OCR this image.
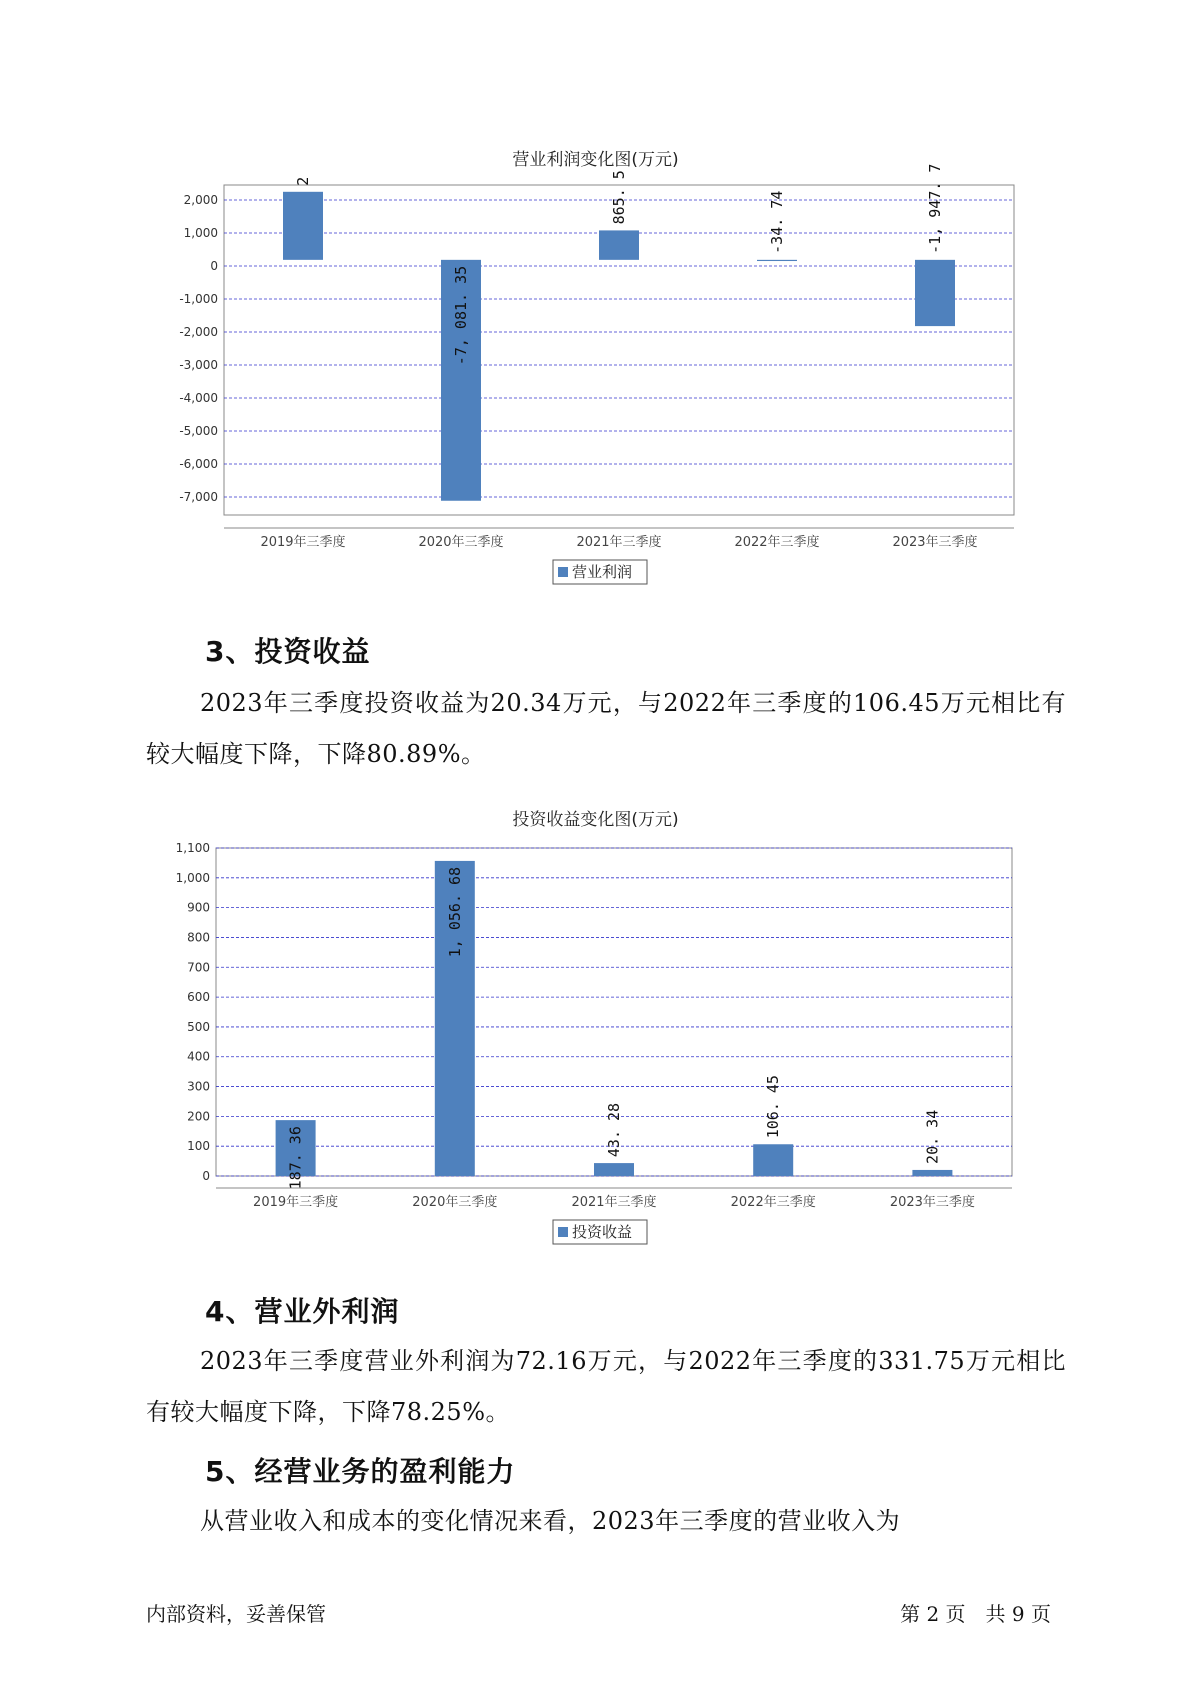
营业利润变化图(万元)
2,000
1,000
0
-1,000
-2,000
-3,000
-4,000
-5,000
-6,000
-7,000
2019年三季度
2
2020年三季度
-7, 081. 35
2021年三季度
865. 5
2022年三季度
-34. 74
2023年三季度
-1, 947. 7
营业利润
3、投资收益
2023年三季度投资收益为20.34万元，与2022年三季度的106.45万元相比有较大幅度下降，下降80.89%。
投资收益变化图(万元)
1,100
1,000
900
800
700
600
500
400
300
200
100
0
2019年三季度
187. 36
2020年三季度
1, 056. 68
2021年三季度
43. 28
2022年三季度
106. 45
2023年三季度
20. 34
投资收益
4、营业外利润
2023年三季度营业外利润为72.16万元，与2022年三季度的331.75万元相比有较大幅度下降，下降78.25%。
5、经营业务的盈利能力
从营业收入和成本的变化情况来看，2023年三季度的营业收入为
内部资料，妥善保管	第 2 页　共 9 页
